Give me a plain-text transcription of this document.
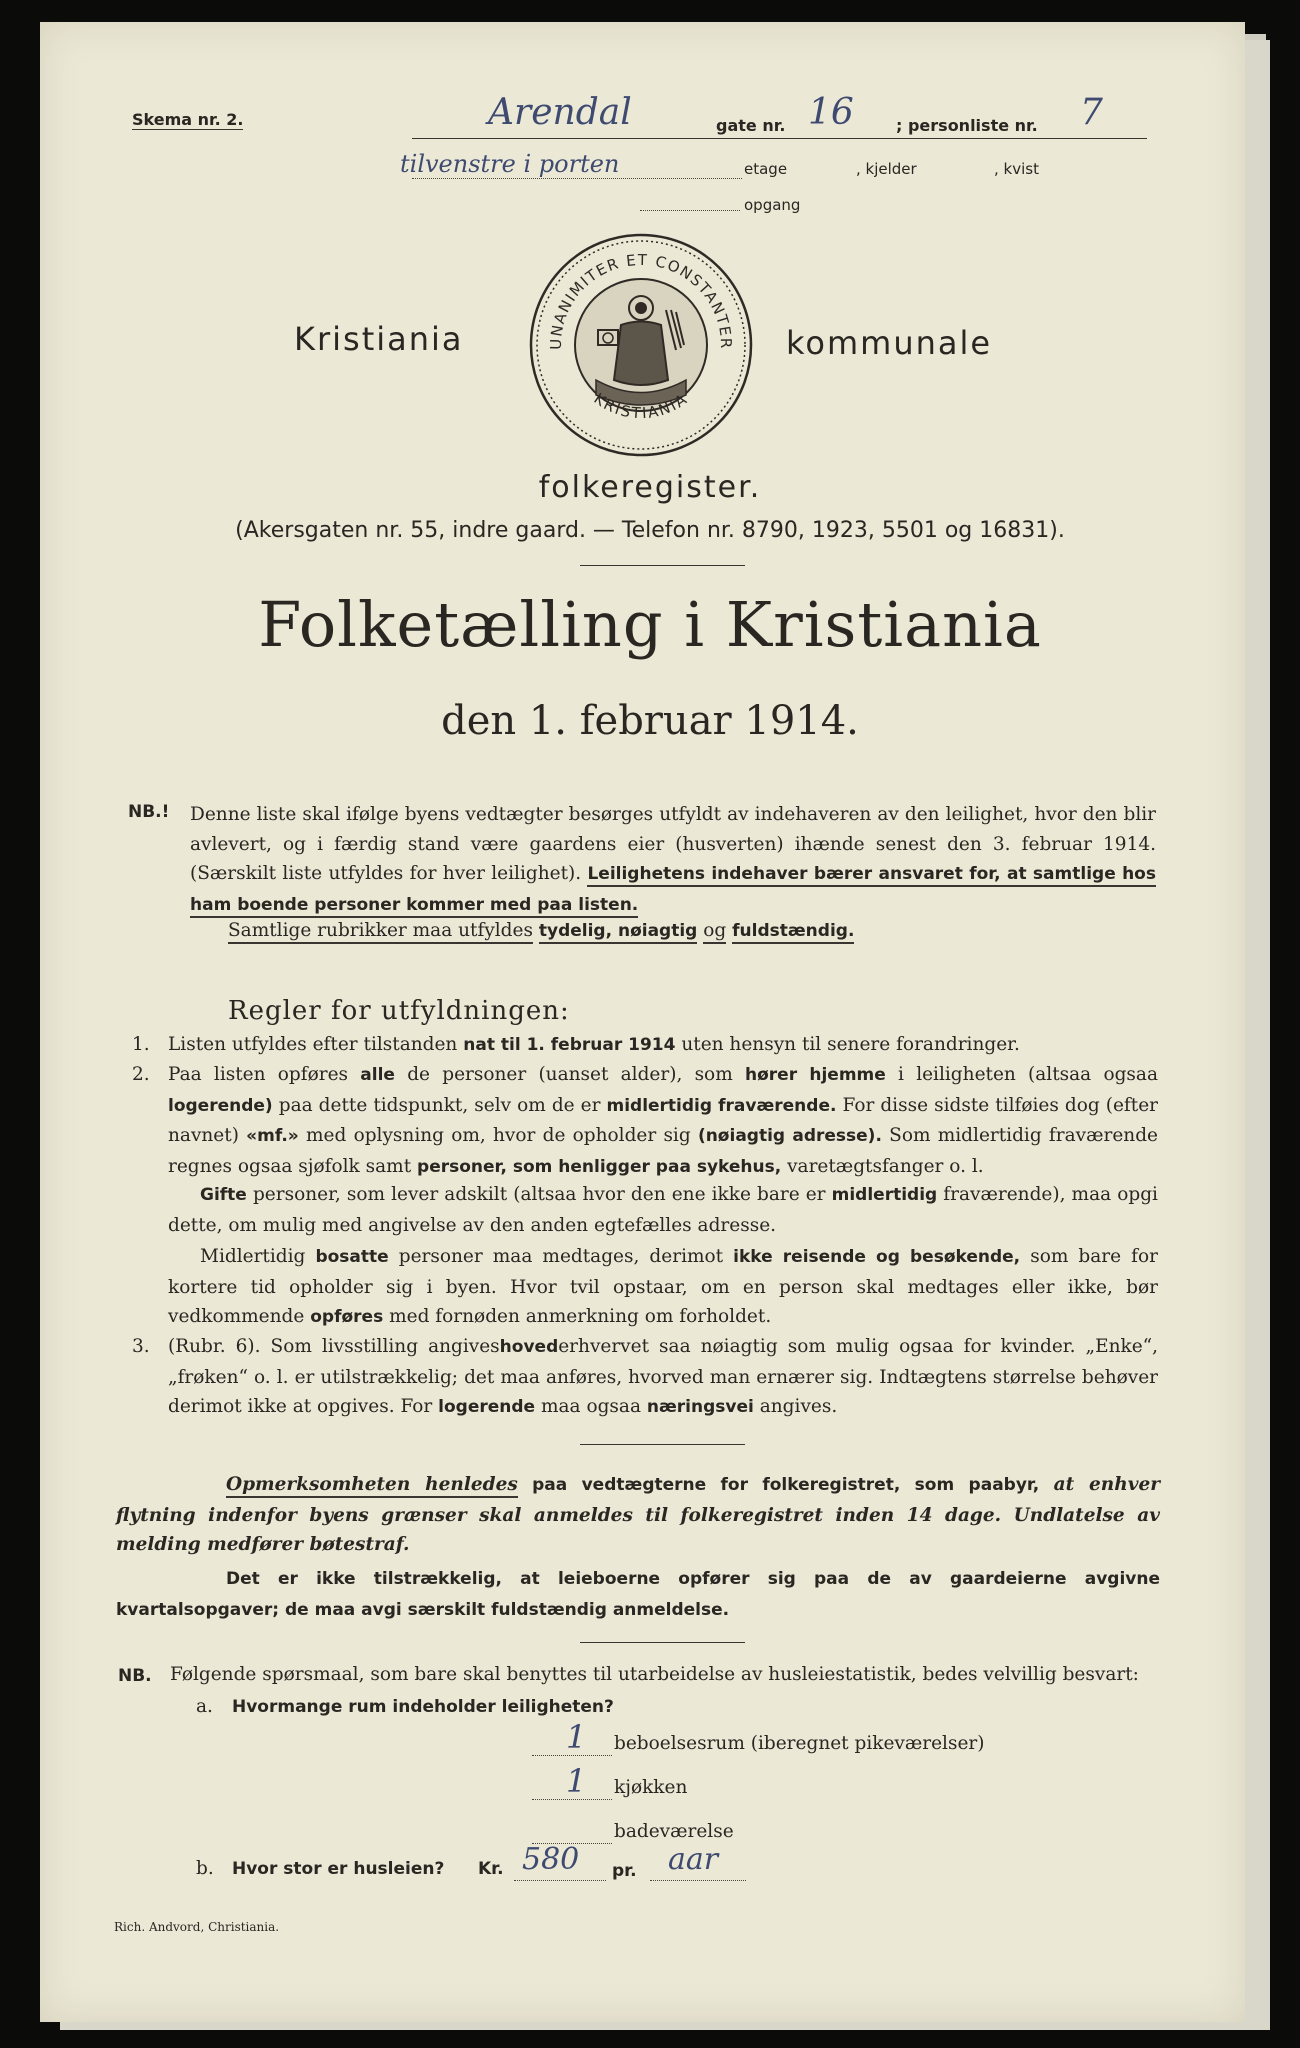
Skema nr. 2.	Arendal	gate nr. 16	; personliste nr. 7
tilvenstre i porten	etage	, kjelder	, kvist
opgang
Kristiania	UNANIMITER ET CONSTANTER
KRISTIANIA
kommunale
folkeregister.
(Akersgaten nr. 55, indre gaard. — Telefon nr. 8790, 1923, 5501 og 16831).
Folketælling i Kristiania
den 1. februar 1914.
NB.! Denne liste skal ifølge byens vedtægter besørges utfyldt av indehaveren av den leilighet, hvor den blir avlevert, og i færdig stand være gaardens eier (husverten) ihænde senest den 3. februar 1914. (Særskilt liste utfyldes for hver leilighet). Leilighetens indehaver bærer ansvaret for, at samtlige hos ham boende personer kommer med paa listen.
Samtlige rubrikker maa utfyldes tydelig, nøiagtig og fuldstændig.
Regler for utfyldningen:
1. Listen utfyldes efter tilstanden nat til 1. februar 1914 uten hensyn til senere forandringer.
2. Paa listen opføres alle de personer (uanset alder), som hører hjemme i leiligheten (altsaa ogsaa logerende) paa dette tidspunkt, selv om de er midlertidig fraværende. For disse sidste tilføies dog (efter navnet) «mf.» med oplysning om, hvor de opholder sig (nøiagtig adresse). Som midlertidig fraværende regnes ogsaa sjøfolk samt personer, som henligger paa sykehus, varetægtsfanger o. l.
Gifte personer, som lever adskilt (altsaa hvor den ene ikke bare er midlertidig fraværende), maa opgi dette, om mulig med angivelse av den anden egtefælles adresse.
Midlertidig bosatte personer maa medtages, derimot ikke reisende og besøkende, som bare for kortere tid opholder sig i byen. Hvor tvil opstaar, om en person skal medtages eller ikke, bør vedkommende opføres med fornøden anmerkning om forholdet.
3. (Rubr. 6). Som livsstilling angiveshovederhvervet saa nøiagtig som mulig ogsaa for kvinder. „Enke“, „frøken“ o. l. er utilstrækkelig; det maa anføres, hvorved man ernærer sig. Indtægtens størrelse behøver derimot ikke at opgives. For logerende maa ogsaa næringsvei angives.
Opmerksomheten henledes paa vedtægterne for folkeregistret, som paabyr, at enhver flytning indenfor byens grænser skal anmeldes til folkeregistret inden 14 dage. Undlatelse av melding medfører bøtestraf.
Det er ikke tilstrækkelig, at leieboerne opfører sig paa de av gaardeierne avgivne kvartalsopgaver; de maa avgi særskilt fuldstændig anmeldelse.
NB. Følgende spørsmaal, som bare skal benyttes til utarbeidelse av husleiestatistik, bedes velvillig besvart:
a. Hvormange rum indeholder leiligheten?
1 beboelsesrum (iberegnet pikeværelser)
1 kjøkken
badeværelse
b. Hvor stor er husleien? Kr. 580 pr. aar
Rich. Andvord, Christiania.
